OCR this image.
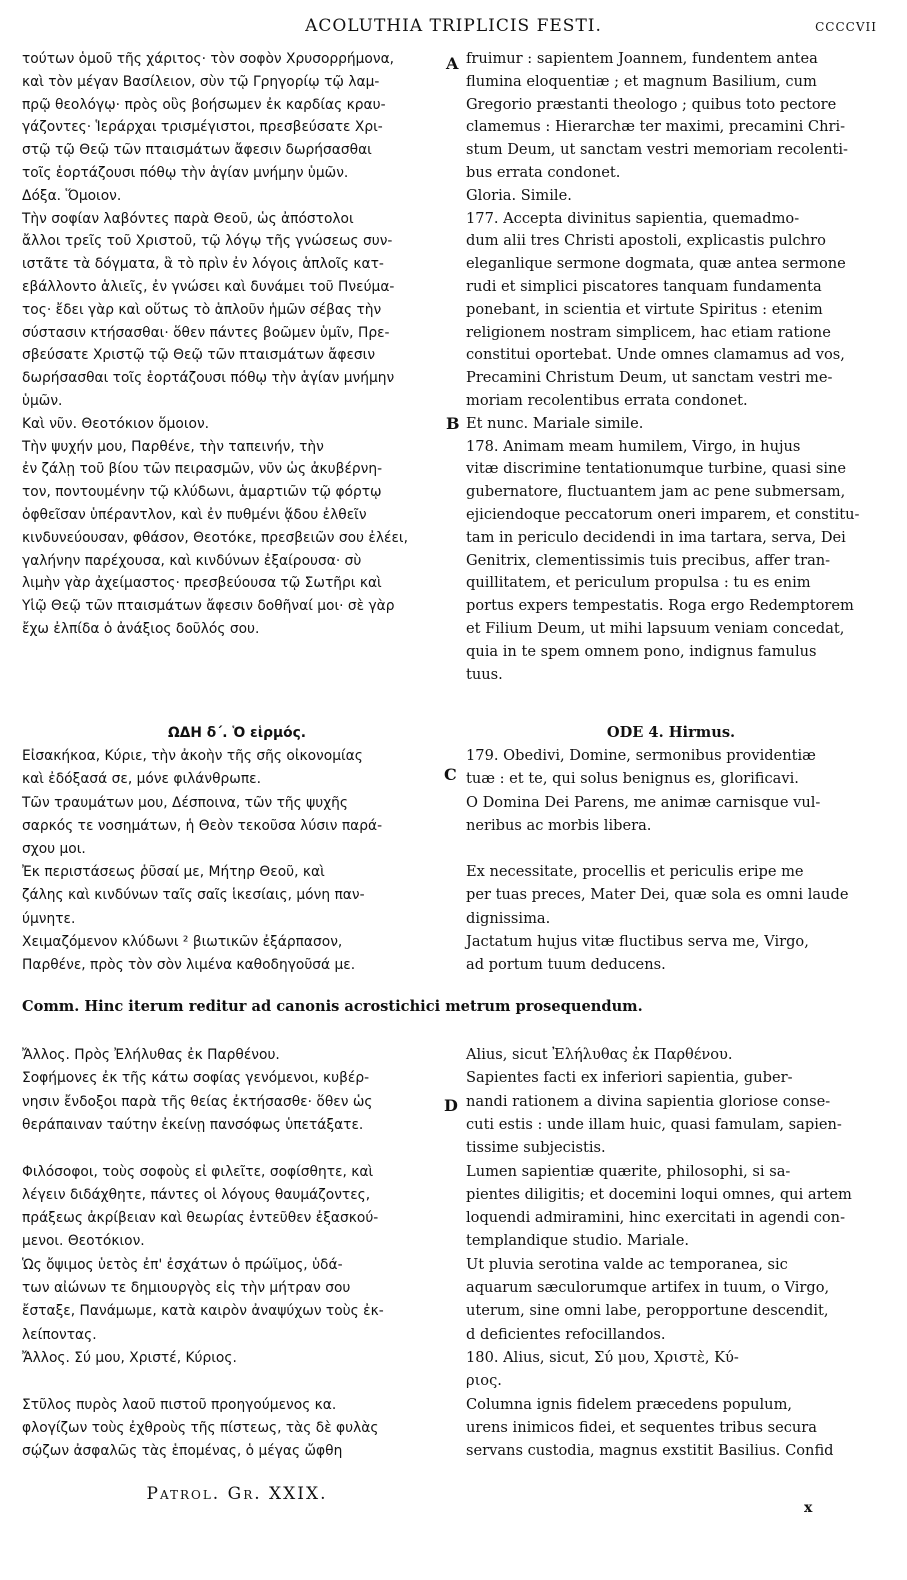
ACOLUTHIA TRIPLICIS FESTI.	CCCCVII
τούτων ὁμοῦ τῆς χάριτος· τὸν σοφὸν Χρυσορρήμονα,
καὶ τὸν μέγαν Βασίλειον, σὺν τῷ Γρηγορίῳ τῷ λαμ-
πρῷ θεολόγῳ· πρὸς οὓς βοήσωμεν ἐκ καρδίας κραυ-
γάζοντες· Ἱεράρχαι τρισμέγιστοι, πρεσβεύσατε Χρι-
στῷ τῷ Θεῷ τῶν πταισμάτων ἄφεσιν δωρήσασθαι
τοῖς ἑορτάζουσι πόθῳ τὴν ἁγίαν μνήμην ὑμῶν.
Δόξα. Ὅμοιον.
Τὴν σοφίαν λαβόντες παρὰ Θεοῦ, ὡς ἀπόστολοι
ἄλλοι τρεῖς τοῦ Χριστοῦ, τῷ λόγῳ τῆς γνώσεως συν-
ιστᾶτε τὰ δόγματα, ἃ τὸ πρὶν ἐν λόγοις ἁπλοῖς κατ-
εβάλλοντο ἁλιεῖς, ἐν γνώσει καὶ δυνάμει τοῦ Πνεύμα-
τος· ἔδει γὰρ καὶ οὕτως τὸ ἁπλοῦν ἡμῶν σέβας τὴν
σύστασιν κτήσασθαι· ὅθεν πάντες βοῶμεν ὑμῖν, Πρε-
σβεύσατε Χριστῷ τῷ Θεῷ τῶν πταισμάτων ἄφεσιν
δωρήσασθαι τοῖς ἑορτάζουσι πόθῳ τὴν ἁγίαν μνήμην
ὑμῶν.
Καὶ νῦν. Θεοτόκιον ὅμοιον.
Τὴν ψυχήν μου, Παρθένε, τὴν ταπεινήν, τὴν
ἐν ζάλῃ τοῦ βίου τῶν πειρασμῶν, νῦν ὡς ἀκυβέρνη-
τον, ποντουμένην τῷ κλύδωνι, ἁμαρτιῶν τῷ φόρτῳ
ὀφθεῖσαν ὑπέραντλον, καὶ ἐν πυθμένι ᾅδου ἐλθεῖν
κινδυνεύουσαν, φθάσον, Θεοτόκε, πρεσβειῶν σου ἐλέει,
γαλήνην παρέχουσα, καὶ κινδύνων ἐξαίρουσα· σὺ
λιμὴν γὰρ ἀχείμαστος· πρεσβεύουσα τῷ Σωτῆρι καὶ
Υἱῷ Θεῷ τῶν πταισμάτων ἄφεσιν δοθῆναί μοι· σὲ γὰρ
ἔχω ἐλπίδα ὁ ἀνάξιος δοῦλός σου.
fruimur : sapientem Joannem, fundentem antea
flumina eloquentiæ ; et magnum Basilium, cum
Gregorio præstanti theologo ; quibus toto pectore
clamemus : Hierarchæ ter maximi, precamini Chri-
stum Deum, ut sanctam vestri memoriam recolenti-
bus errata condonet.
Gloria. Simile.
177. Accepta divinitus sapientia, quemadmo-
dum alii tres Christi apostoli, explicastis pulchro
eleganlique sermone dogmata, quæ antea sermone
rudi et simplici piscatores tanquam fundamenta
ponebant, in scientia et virtute Spiritus : etenim
religionem nostram simplicem, hac etiam ratione
constitui oportebat. Unde omnes clamamus ad vos,
Precamini Christum Deum, ut sanctam vestri me-
moriam recolentibus errata condonet.
Et nunc. Mariale simile.
178. Animam meam humilem, Virgo, in hujus
vitæ discrimine tentationumque turbine, quasi sine
gubernatore, fluctuantem jam ac pene submersam,
ejiciendoque peccatorum oneri imparem, et constitu-
tam in periculo decidendi in ima tartara, serva, Dei
Genitrix, clementissimis tuis precibus, affer tran-
quillitatem, et periculum propulsa : tu es enim
portus expers tempestatis. Roga ergo Redemptorem
et Filium Deum, ut mihi lapsuum veniam concedat,
quia in te spem omnem pono, indignus famulus
tuus.
ΩΔΗ δ΄. Ὁ εἱρμός.
Εἰσακήκοα, Κύριε, τὴν ἀκοὴν τῆς σῆς οἰκονομίας
καὶ ἐδόξασά σε, μόνε φιλάνθρωπε.
Τῶν τραυμάτων μου, Δέσποινα, τῶν τῆς ψυχῆς
σαρκός τε νοσημάτων, ἡ Θεὸν τεκοῦσα λύσιν παρά-
σχου μοι.
Ἐκ περιστάσεως ῥῦσαί με, Μήτηρ Θεοῦ, καὶ
ζάλης καὶ κινδύνων ταῖς σαῖς ἱκεσίαις, μόνη παν-
ύμνητε.
Χειμαζόμενον κλύδωνι ² βιωτικῶν ἐξάρπασον,
Παρθένε, πρὸς τὸν σὸν λιμένα καθοδηγοῦσά με.
ODE 4. Hirmus.
179. Obedivi, Domine, sermonibus providentiæ
tuæ : et te, qui solus benignus es, glorificavi.
O Domina Dei Parens, me animæ carnisque vul-
neribus ac morbis libera.
Ex necessitate, procellis et periculis eripe me
per tuas preces, Mater Dei, quæ sola es omni laude
dignissima.
Jactatum hujus vitæ fluctibus serva me, Virgo,
ad portum tuum deducens.
Comm. Hinc iterum reditur ad canonis acrostichici metrum prosequendum.
Ἄλλος. Πρὸς Ἐλήλυθας ἐκ Παρθένου.
Σοφήμονες ἐκ τῆς κάτω σοφίας γενόμενοι, κυβέρ-
νησιν ἔνδοξοι παρὰ τῆς θείας ἐκτήσασθε· ὅθεν ὡς
θεράπαιναν ταύτην ἐκείνῃ πανσόφως ὑπετάξατε.
Φιλόσοφοι, τοὺς σοφοὺς εἰ φιλεῖτε, σοφίσθητε, καὶ
λέγειν διδάχθητε, πάντες οἱ λόγους θαυμάζοντες,
πράξεως ἀκρίβειαν καὶ θεωρίας ἐντεῦθεν ἐξασκού-
μενοι. Θεοτόκιον.
Ὡς ὄψιμος ὑετὸς ἐπ' ἐσχάτων ὁ πρώϊμος, ὑδά-
των αἰώνων τε δημιουργὸς εἰς τὴν μήτραν σου
ἔσταξε, Πανάμωμε, κατὰ καιρὸν ἀναψύχων τοὺς ἐκ-
λείποντας.
Ἄλλος. Σύ μου, Χριστέ, Κύριος.
Στῦλος πυρὸς λαοῦ πιστοῦ προηγούμενος κα.
φλογίζων τοὺς ἐχθροὺς τῆς πίστεως, τὰς δὲ φυλὰς
σῴζων ἀσφαλῶς τὰς ἑπομένας, ὁ μέγας ὤφθη
Alius, sicut Ἐλήλυθας ἐκ Παρθένου.
Sapientes facti ex inferiori sapientia, guber-
nandi rationem a divina sapientia gloriose conse-
cuti estis : unde illam huic, quasi famulam, sapien-
tissime subjecistis.
Lumen sapientiæ quærite, philosophi, si sa-
pientes diligitis; et docemini loqui omnes, qui artem
loquendi admiramini, hinc exercitati in agendi con-
templandique studio. Mariale.
Ut pluvia serotina valde ac temporanea, sic
aquarum sæculorumque artifex in tuum, o Virgo,
uterum, sine omni labe, peropportune descendit,
d deficientes refocillandos.
180. Alius, sicut, Σύ μου, Χριστὲ, Κύ-
ριος.
Columna ignis fidelem præcedens populum,
urens inimicos fidei, et sequentes tribus secura
servans custodia, magnus exstitit Basilius. Confid
A
B
C
D
Patrol. Gr. XXIX.
x
